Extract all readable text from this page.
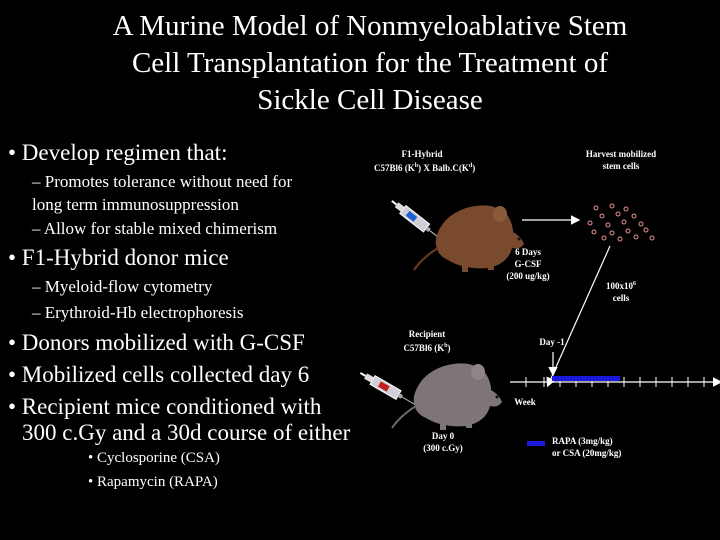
A Murine Model of Nonmyeloablative Stem
Cell Transplantation for the Treatment of
Sickle Cell Disease
• Develop regimen that:
– Promotes tolerance without need for
long term immunosuppression
– Allow for stable mixed chimerism
• F1-Hybrid donor mice
– Myeloid-flow cytometry
– Erythroid-Hb electrophoresis
• Donors mobilized with G-CSF
• Mobilized cells collected day 6
• Recipient mice conditioned with
300 c.Gy and a 30d course of either
• Cyclosporine (CSA)
• Rapamycin (RAPA)
F1-Hybrid
C57Bl6 $(K^b)$ X $Balb.C(K^d)$
Harvest mobilized
stem cells
6 Days
G-CSF
(200 ug/kg)
$100x10^6$
cells
Recipient
C57Bl6 $(K^b)$
Day -1
Week
Day 0
(300 c.Gy)
RAPA (3mg/kg)
or CSA (20mg/kg)
